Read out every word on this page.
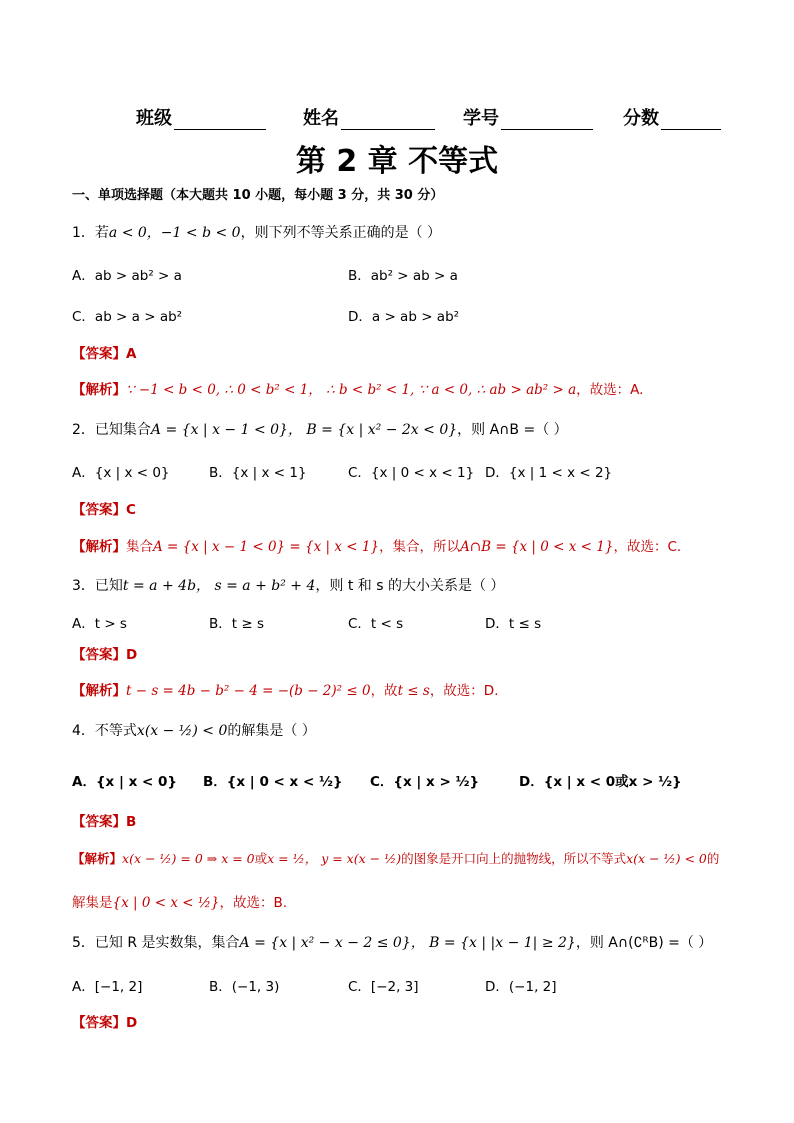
班级	姓名	学号	分数
第 2 章 不等式
一、单项选择题（本大题共 10 小题，每小题 3 分，共 30 分）
1．若a < 0，−1 < b < 0，则下列不等关系正确的是（ ）
A．ab > ab² > a	B．ab² > ab > a
C．ab > a > ab²	D．a > ab > ab²
【答案】A
【解析】∵ −1 < b < 0, ∴ 0 < b² < 1， ∴ b < b² < 1, ∵ a < 0, ∴ ab > ab² > a，故选：A.
2．已知集合A = {x | x − 1 < 0}， B = {x | x² − 2x < 0}，则 A∩B =（ ）
A．{x | x < 0}	B．{x | x < 1}	C．{x | 0 < x < 1} D．{x | 1 < x < 2}
【答案】C
【解析】集合A = {x | x − 1 < 0} = {x | x < 1}，集合，所以A∩B = {x | 0 < x < 1}，故选：C.
3．已知t = a + 4b， s = a + b² + 4，则 t 和 s 的大小关系是（ ）
A．t > s	B．t ≥ s	C．t < s	D．t ≤ s
【答案】D
【解析】t − s = 4b − b² − 4 = −(b − 2)² ≤ 0，故t ≤ s，故选：D.
4．不等式x(x − ½) < 0的解集是（ ）
A．{x | x < 0} B．{x | 0 < x < ½} C．{x | x > ½}	D．{x | x < 0或x > ½}
【答案】B
【解析】x(x − ½) = 0 ⇒ x = 0或x = ½， y = x(x − ½)的图象是开口向上的抛物线，所以不等式x(x − ½) < 0的
解集是{x | 0 < x < ½}，故选：B.
5．已知 R 是实数集，集合A = {x | x² − x − 2 ≤ 0}， B = {x | |x − 1| ≥ 2}，则 A∩(∁ᴿB) =（ ）
A．[−1, 2]	B．(−1, 3)	C．[−2, 3]	D．(−1, 2]
【答案】D
